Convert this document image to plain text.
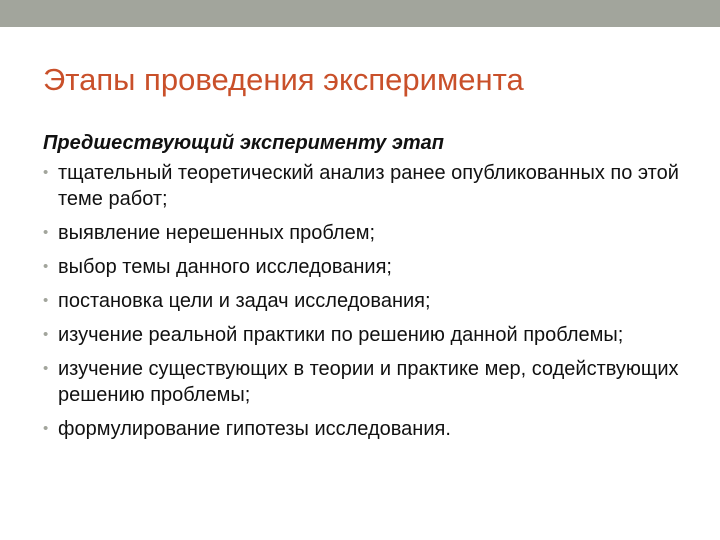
Этапы проведения эксперимента
Предшествующий эксперименту этап
• тщательный теоретический анализ ранее опубликованных по этой теме работ;
• выявление нерешенных проблем;
• выбор темы данного исследования;
• постановка цели и задач исследования;
• изучение реальной практики по решению данной проблемы;
• изучение существующих в теории и практике мер, содействующих решению проблемы;
• формулирование гипотезы исследования.
